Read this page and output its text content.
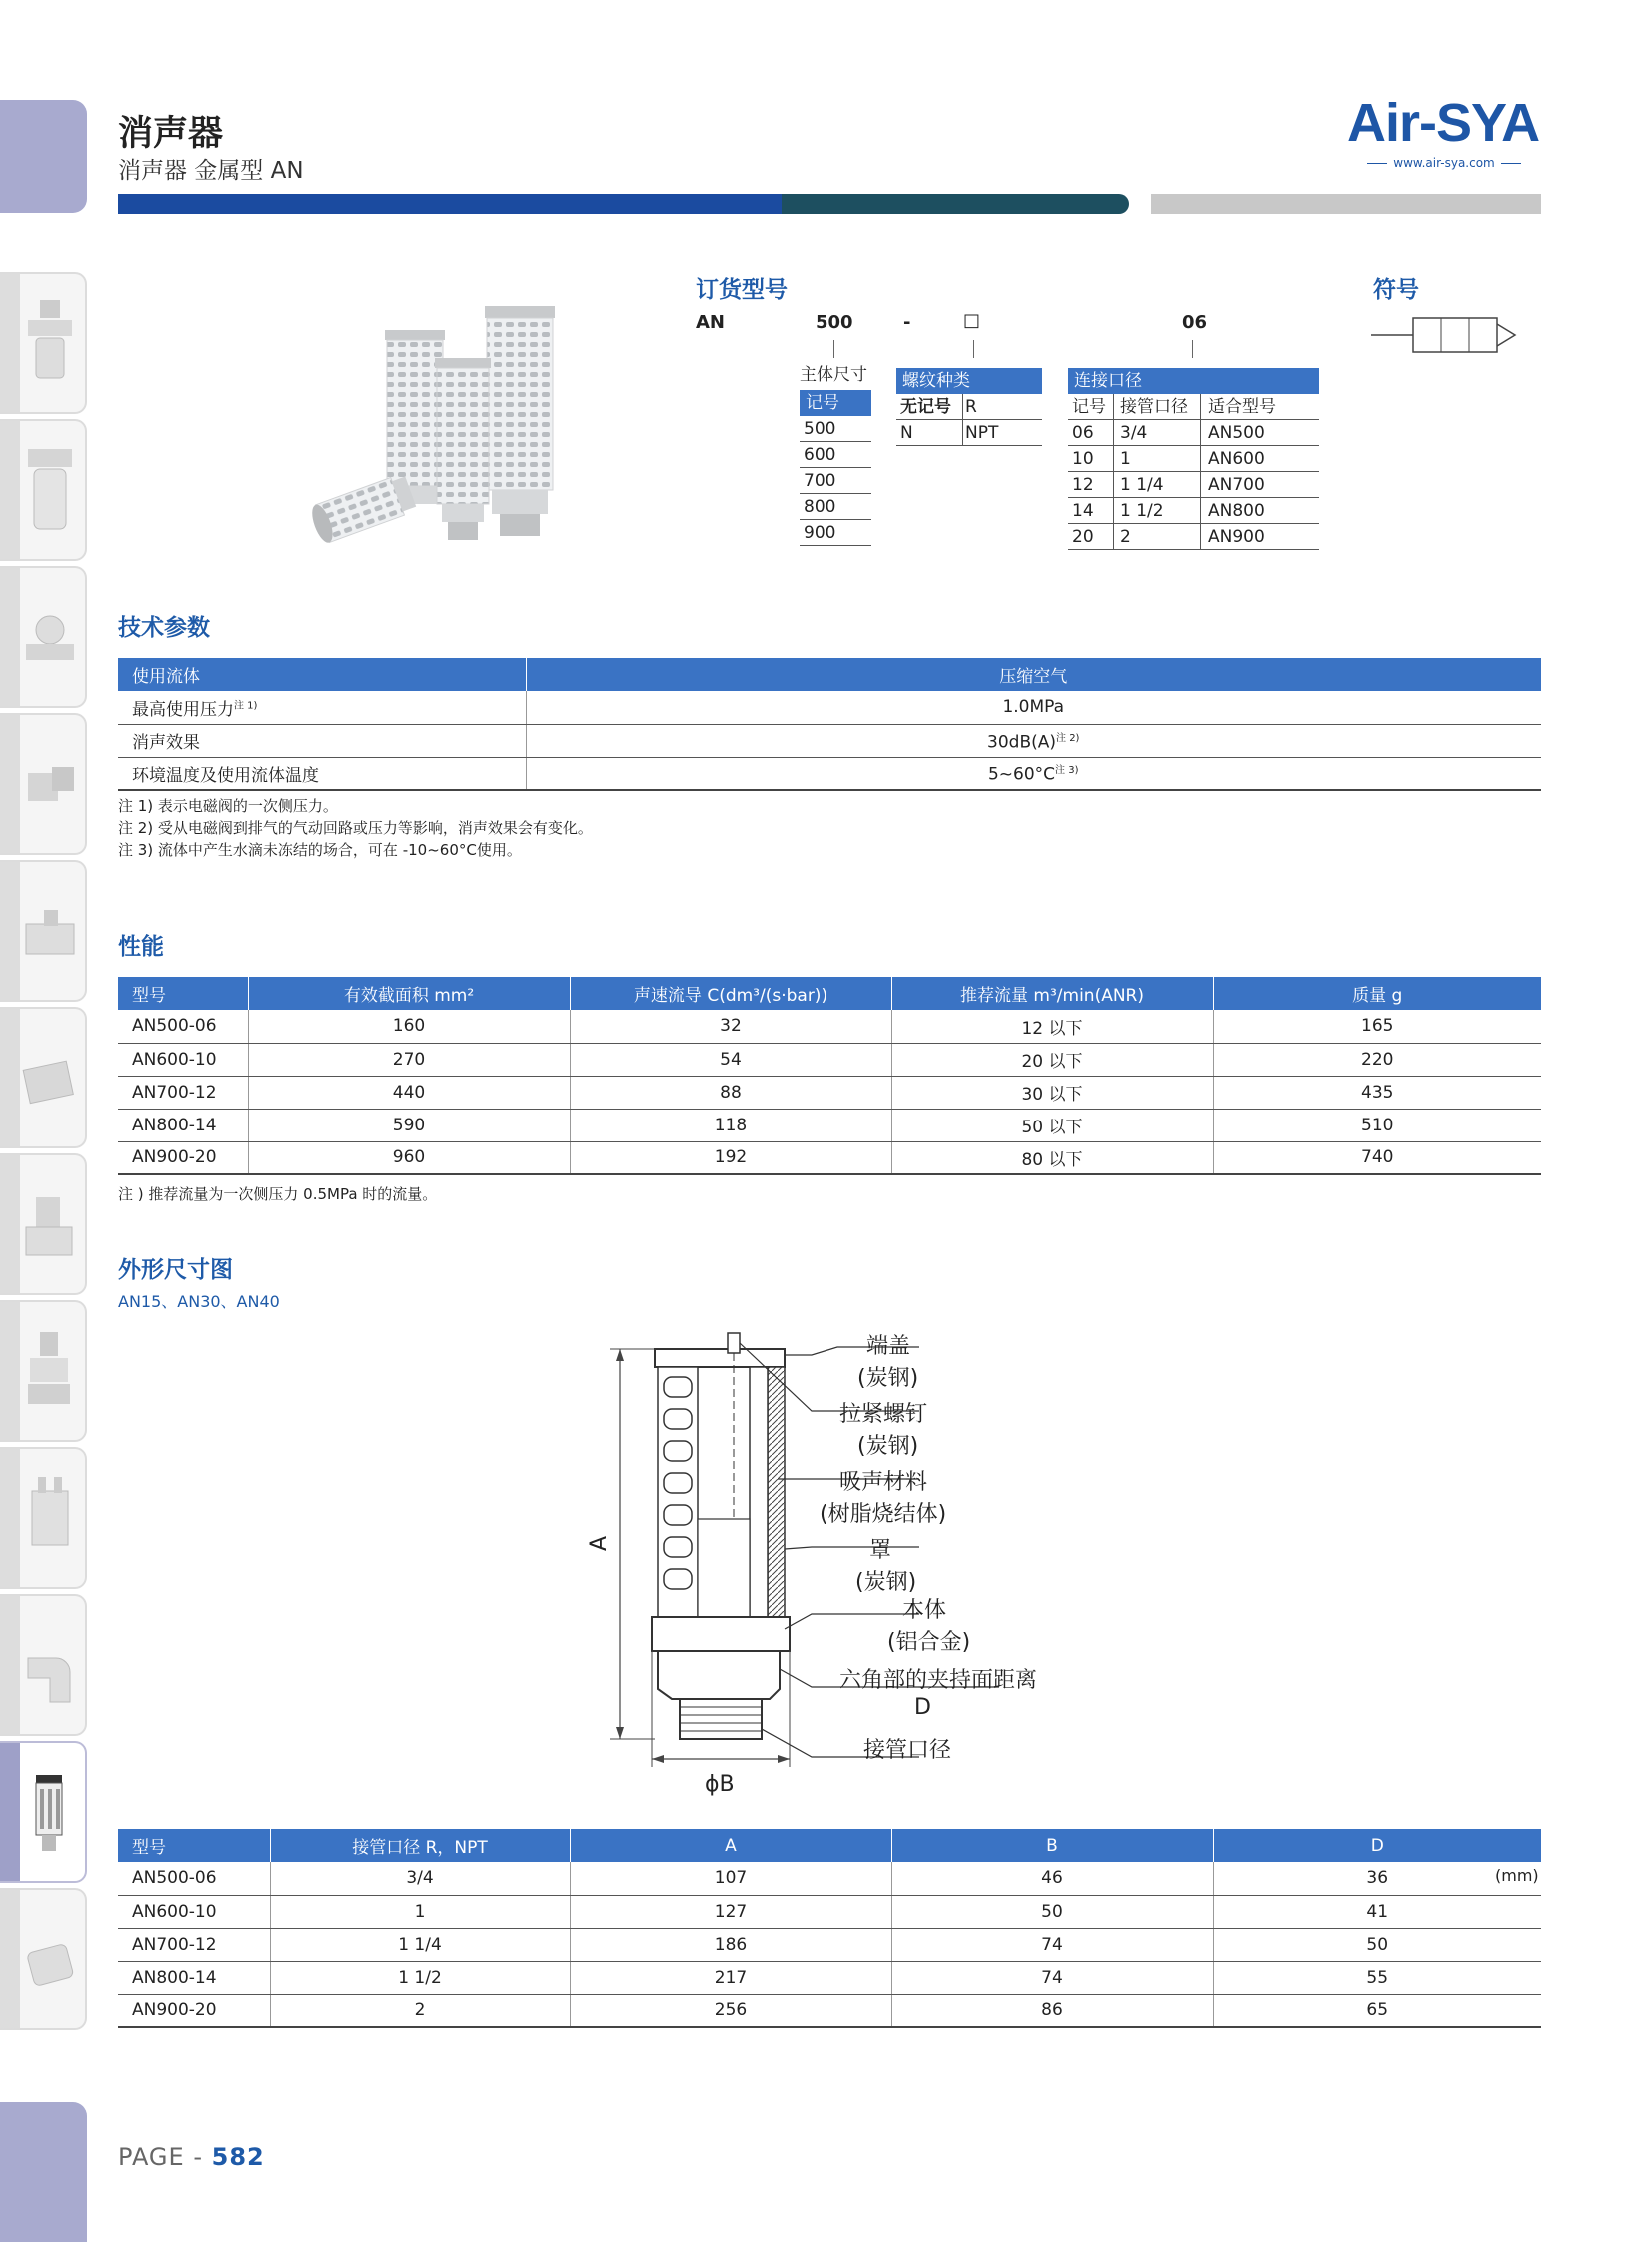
消声器
消声器 金属型 AN
Air-SYA
www.air-sya.com
订货型号	符号
AN	500	-	□	06
主体尺寸
记号
500
600
700
800
900
螺纹种类
无记号 R
N	NPT
连接口径
记号 接管口径 适合型号
06 3/4	AN500
10 1	AN600
12 1 1/4	AN700
14 1 1/2	AN800
20 2	AN900
技术参数
使用流体	压缩空气
最高使用压力$^{注 1)}$	1.0MPa
消声效果	$30dB(A)^{注 2)}$
环境温度及使用流体温度	$5\sim 60^\circ C^{注 3)}$
注 1) 表示电磁阀的一次侧压力。
注 2) 受从电磁阀到排气的气动回路或压力等影响，消声效果会有变化。
注 3) 流体中产生水滴未冻结的场合，可在 -10~60°C使用。
性能
型号	有效截面积 mm²	声速流导 C(dm³/(s·bar))	推荐流量 m³/min(ANR)	质量 g
AN500-06	160	32	12 以下	165
AN600-10	270	54	20 以下	220
AN700-12	440	88	30 以下	435
AN800-14	590	118	50 以下	510
AN900-20	960	192	80 以下	740
注 ) 推荐流量为一次侧压力 0.5MPa 时的流量。
外形尺寸图
AN15、AN30、AN40
A
ϕB
端盖
(炭钢)
拉紧螺钉
(炭钢)
吸声材料
(树脂烧结体)
罩
(炭钢)
本体
(铝合金)
六角部的夹持面距离
D
接管口径
型号	接管口径 R，NPT	A	B	D
AN500-06	3/4	107	46	36
AN600-10	1	127	50	41
AN700-12	1 1/4	186	74	50
AN800-14	1 1/2	217	74	55
AN900-20	2	256	86	65
(mm)
PAGE - 582
